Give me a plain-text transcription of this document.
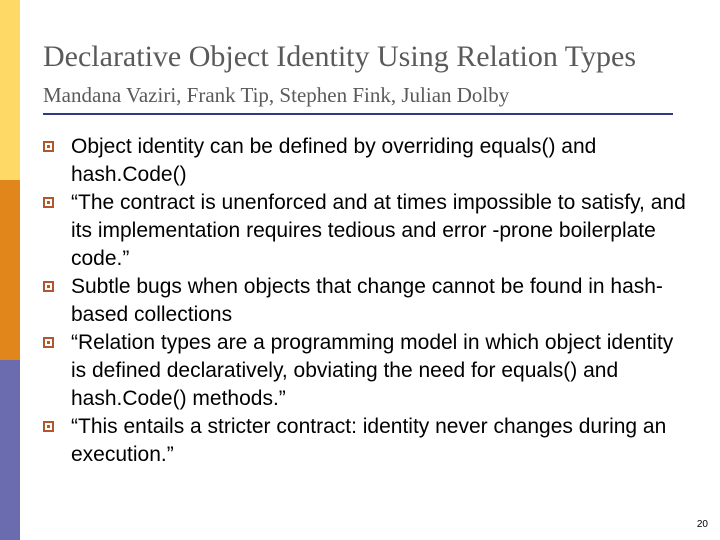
Declarative Object Identity Using Relation Types
Mandana Vaziri, Frank Tip, Stephen Fink, Julian Dolby
Object identity can be defined by overriding equals() and hash.Code()
“The contract is unenforced and at times impossible to satisfy, and its implementation requires tedious and error -prone boilerplate code.”
Subtle bugs when objects that change cannot be found in hash-based collections
“Relation types are a programming model in which object identity is defined declaratively, obviating the need for equals() and hash.Code() methods.”
“This entails a stricter contract: identity never changes during an execution.”
20
